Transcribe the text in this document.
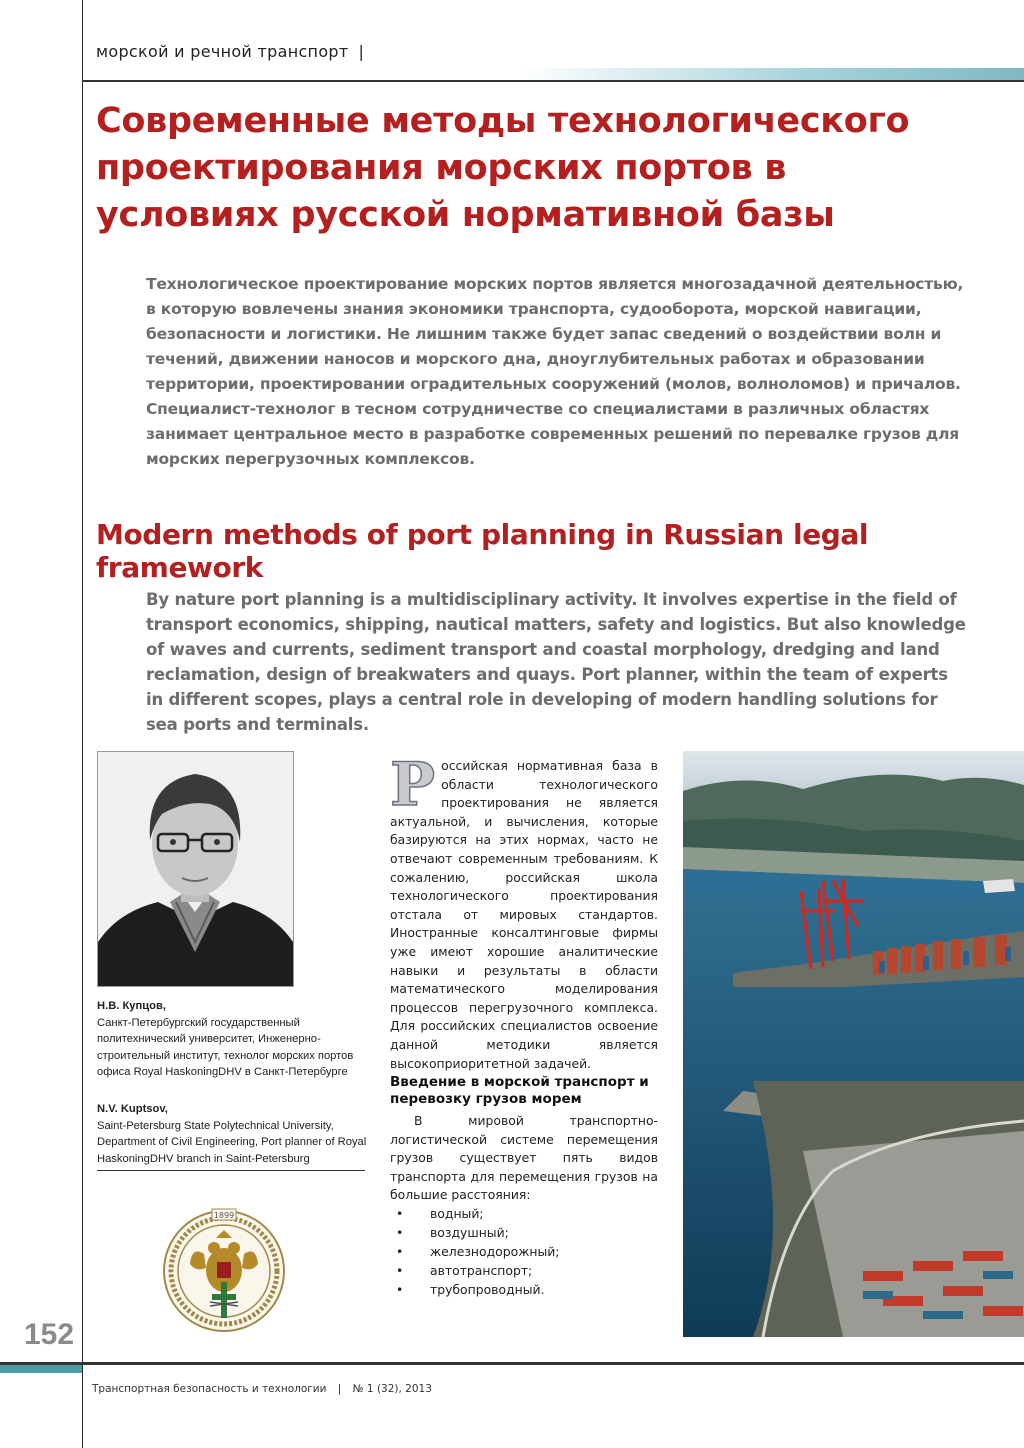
морской и речной транспорт |
Современные методы технологического проектирования морских портов в условиях русской нормативной базы

Технологическое проектирование морских портов является многозадачной деятельностью, в которую вовлечены знания экономики транспорта, судооборота, морской навигации, безопасности и логистики. Не лишним также будет запас сведений о воздействии волн и течений, движении наносов и морского дна, дноуглубительных работах и образовании территории, проектировании оградительных сооружений (молов, волноломов) и причалов. Специалист-технолог в тесном сотрудничестве со специалистами в различных областях занимает центральное место в разработке современных решений по перевалке грузов для морских перегрузочных комплексов.

Modern methods of port planning in Russian legal framework

By nature port planning is a multidisciplinary activity. It involves expertise in the field of transport economics, shipping, nautical matters, safety and logistics. But also knowledge of waves and currents, sediment transport and coastal morphology, dredging and land reclamation, design of breakwaters and quays. Port planner, within the team of experts in different scopes, plays a central role in developing of modern handling solutions for sea ports and terminals.

Н.В. Купцов,
Санкт-Петербургский государственный политехнический университет, Инженерно-строительный институт, технолог морских портов офиса Royal HaskoningDHV в Санкт-Петербурге
N.V. Kuptsov,
Saint-Petersburg State Polytechnical University, Department of Civil Engineering, Port planner of Royal HaskoningDHV branch in Saint-Petersburg
1899
Российская нормативная база в области технологического проектирования не является актуальной, и вычисления, которые базируются на этих нормах, часто не отвечают современным требованиям. К сожалению, российская школа технологического проектирования отстала от мировых стандартов. Иностранные консалтинговые фирмы уже имеют хорошие аналитические навыки и результаты в области математического моделирования процессов перегрузочного комплекса. Для российских специалистов освоение данной методики является высокоприоритетной задачей.
Введение в морской транспорт и перевозку грузов морем
В мировой транспортно-логистической системе перемещения грузов существует пять видов транспорта для перемещения грузов на большие расстояния:
• водный;
• воздушный;
• железнодорожный;
• автотранспорт;
• трубопроводный.
152
Транспортная безопасность и технологии | № 1 (32), 2013
